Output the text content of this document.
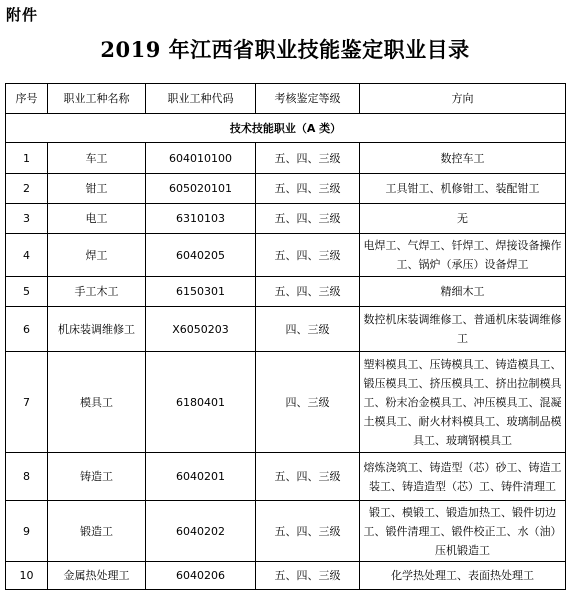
附件
2019 年江西省职业技能鉴定职业目录
序号	职业工种名称	职业工种代码	考核鉴定等级	方向
技术技能职业（A 类）				
1	车工	604010100	五、四、三级	数控车工
2	钳工	605020101	五、四、三级	工具钳工、机修钳工、装配钳工
3	电工	6310103	五、四、三级	无
4	焊工	6040205	五、四、三级	电焊工、气焊工、钎焊工、焊接设备操作工、锅炉（承压）设备焊工
5	手工木工	6150301	五、四、三级	精细木工
6	机床装调维修工	X6050203	四、三级	数控机床装调维修工、普通机床装调维修工
7	模具工	6180401	四、三级	塑料模具工、压铸模具工、铸造模具工、锻压模具工、挤压模具工、挤出拉制模具工、粉末冶金模具工、冲压模具工、混凝土模具工、耐火材料模具工、玻璃制品模具工、玻璃钢模具工
8	铸造工	6040201	五、四、三级	熔炼浇筑工、铸造型（芯）砂工、铸造工装工、铸造造型（芯）工、铸件清理工
9	锻造工	6040202	五、四、三级	锻工、模锻工、锻造加热工、锻件切边工、锻件清理工、锻件校正工、水（油）压机锻造工
10	金属热处理工	6040206	五、四、三级	化学热处理工、表面热处理工
